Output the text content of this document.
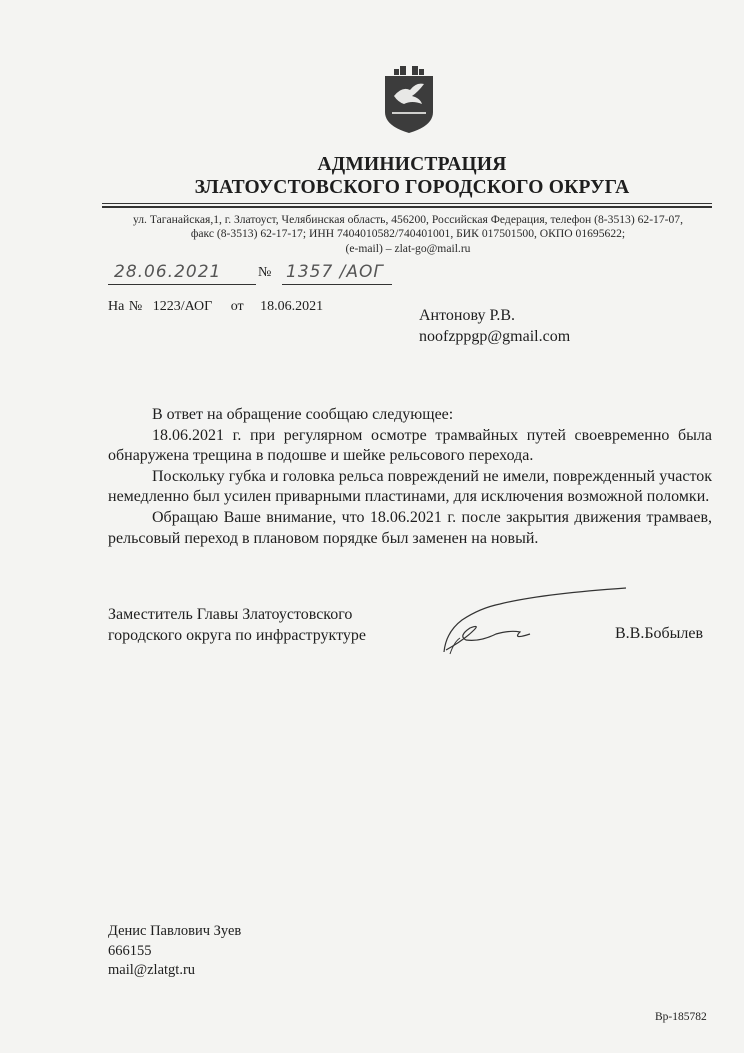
АДМИНИСТРАЦИЯ
ЗЛАТОУСТОВСКОГО ГОРОДСКОГО ОКРУГА
ул. Таганайская,1, г. Златоуст, Челябинская область, 456200, Российская Федерация, телефон (8-3513) 62-17-07,
факс (8-3513) 62-17-17; ИНН 7404010582/740401001, БИК 017501500, ОКПО 01695622;
(e-mail) – zlat-go@mail.ru
28.06.2021	№ 1357 /АОГ
На № 1223/АОГ от 18.06.2021
Антонову Р.В.
noofzppgp@gmail.com

В ответ на обращение сообщаю следующее:

18.06.2021 г. при регулярном осмотре трамвайных путей своевременно была обнаружена трещина в подошве и шейке рельсового перехода.

Поскольку губка и головка рельса повреждений не имели, поврежденный участок немедленно был усилен приварными пластинами, для исключения возможной поломки.

Обращаю Ваше внимание, что 18.06.2021 г. после закрытия движения трамваев, рельсовый переход в плановом порядке был заменен на новый.

Заместитель Главы Златоустовского
городского округа по инфраструктуре	В.В.Бобылев
Денис Павлович Зуев
666155
mail@zlatgt.ru
Вр-185782
